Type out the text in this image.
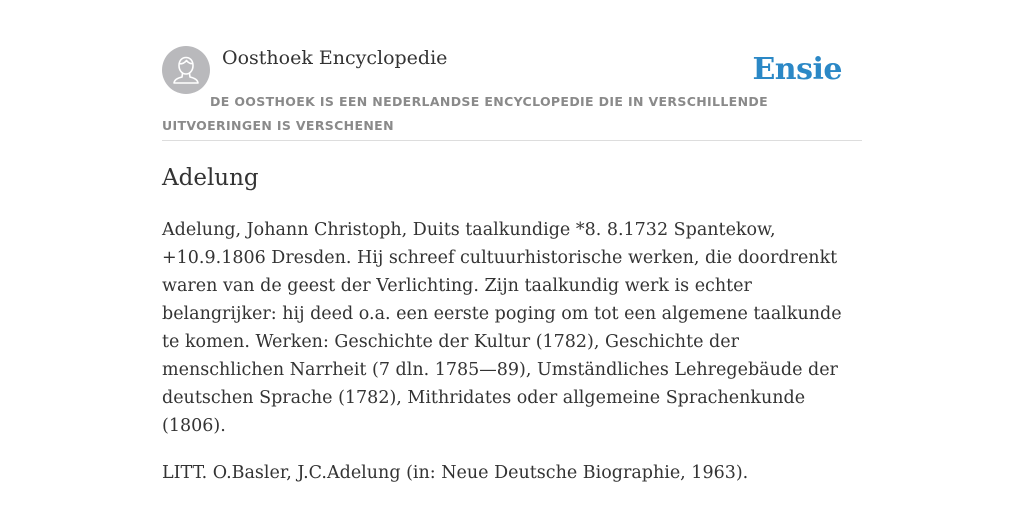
Oosthoek Encyclopedie	Ensie
DE OOSTHOEK IS EEN NEDERLANDSE ENCYCLOPEDIE DIE IN VERSCHILLENDE UITVOERINGEN IS VERSCHENEN
Adelung

Adelung, Johann Christoph, Duits taalkundige *8. 8.1732 Spantekow, +10.9.1806 Dresden. Hij schreef cultuurhistorische werken, die doordrenkt waren van de geest der Verlichting. Zijn taalkundig werk is echter belangrijker: hij deed o.a. een eerste poging om tot een algemene taalkunde te komen. Werken: Geschichte der Kultur (1782), Geschichte der menschlichen Narrheit (7 dln. 1785—89), Umständliches Lehregebäude der deutschen Sprache (1782), Mithridates oder allgemeine Sprachenkunde (1806).

LITT. O.Basler, J.C.Adelung (in: Neue Deutsche Biographie, 1963).
